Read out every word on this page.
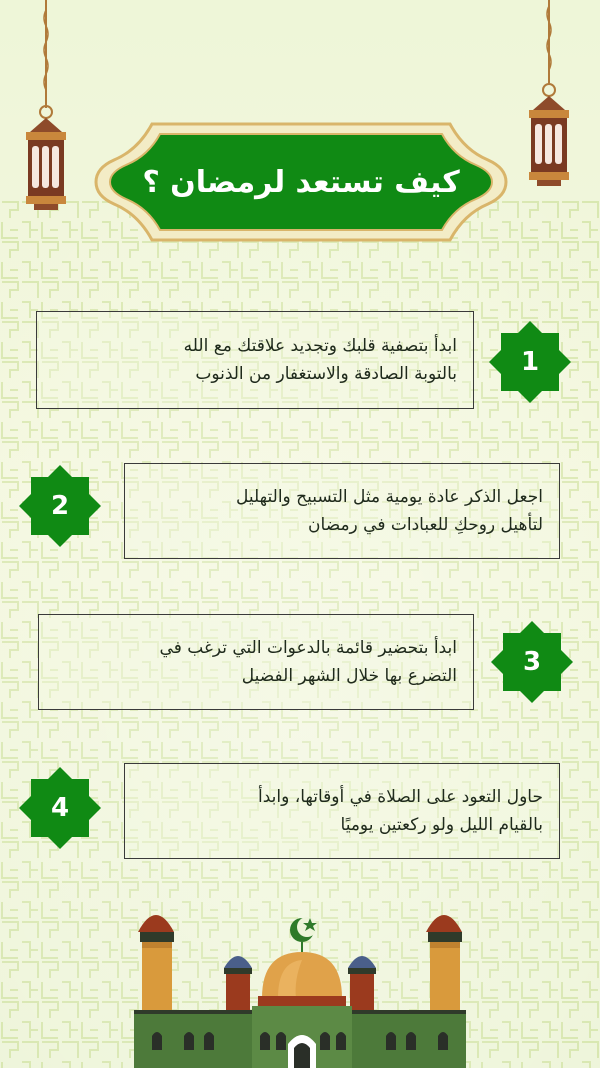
كيف تستعد لرمضان ؟
ابدأ بتصفية قلبك وتجديد علاقتك مع الله
بالتوبة الصادقة والاستغفار من الذنوب	1
اجعل الذكر عادة يومية مثل التسبيح والتهليل
لتأهيل روحكِ للعبادات في رمضان
2
ابدأ بتحضير قائمة بالدعوات التي ترغب في
التضرع بها خلال الشهر الفضيل	3
حاول التعود على الصلاة في أوقاتها، وابدأ
بالقيام الليل ولو ركعتين يوميًا
4
